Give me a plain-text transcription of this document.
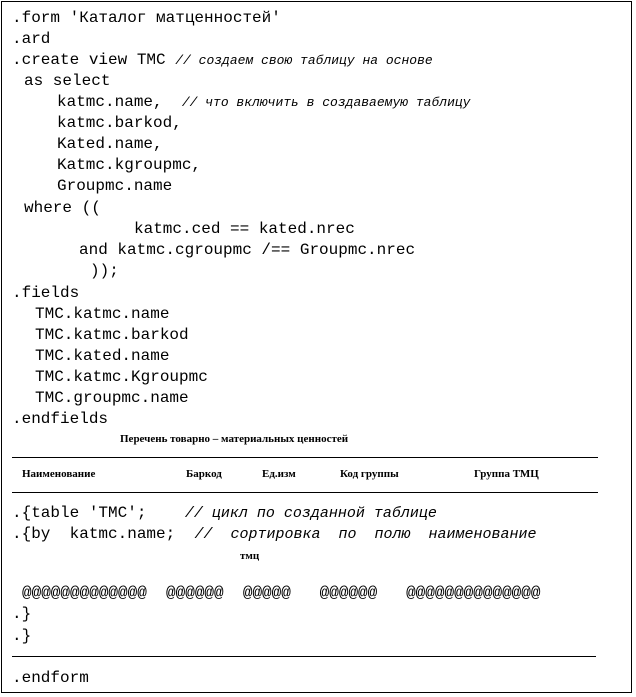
.form 'Каталог матценностей'
.ard
.create view TMC // создаем свою таблицу на основе
as select
katmc.name, // что включить в создаваемую таблицу
katmc.barkod,
Kated.name,
Katmc.kgroupmc,
Groupmc.name
where ((
katmc.ced == kated.nrec
and katmc.cgroupmc /== Groupmc.nrec
));
.fields
TMC.katmc.name
TMC.katmc.barkod
TMC.kated.name
TMC.katmc.Kgroupmc
TMC.groupmc.name
.endfields
Перечень товарно – материальных ценностей
Наименование	Баркод	Ед.изм	Код группы	Группа ТМЦ
.{table 'TMC';	// цикл по созданной таблице
.{by  katmc.name; //  сортировка  по  полю  наименование
тмц
@@@@@@@@@@@@@  @@@@@@  @@@@@   @@@@@@   @@@@@@@@@@@@@@
.}
.}
.endform
